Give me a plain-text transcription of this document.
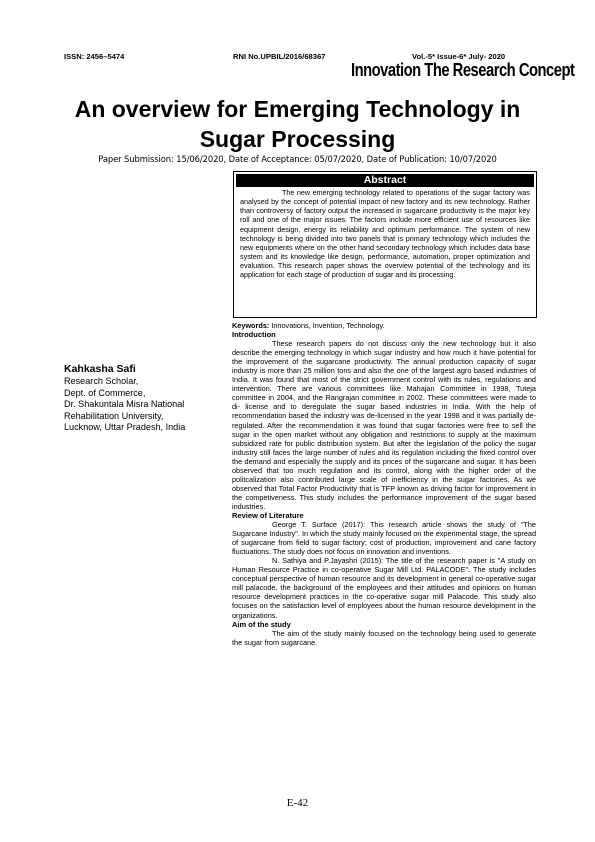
ISSN: 2456–5474	RNI No.UPBIL/2016/68367	Vol.-5* Issue-6* July- 2020
Innovation The Research Concept
An overview for Emerging Technology in Sugar Processing
Paper Submission: 15/06/2020, Date of Acceptance: 05/07/2020, Date of Publication: 10/07/2020
Abstract
The new emerging technology related to operations of the sugar factory was analysed by the concept of potential impact of new factory and its new technology. Rather than controversy of factory output the increased in sugarcane productivity is the major key roll and one of the major issues. The factors include more efficient use of resources like equipment design, energy its reliability and optimum performance. The system of new technology is being divided into two panels that is primary technology which includes the new equipments where on the other hand secondary technology which includes data base system and its knowledge like design, performance, automation, proper optimization and evaluation. This research paper shows the overview potential of the technology and its application for each stage of production of sugar and its processing.
Kahkasha Safi
Research Scholar,
Dept. of Commerce,
Dr. Shakuntala Misra National Rehabilitation University,
Lucknow, Uttar Pradesh, India

Keywords: Innovations, Invention, Technology.

Introduction

These research papers do not discuss only the new technology but it also describe the emerging technology in which sugar industry and how much it have potential for the improvement of the sugarcane productivity. The annual production capacity of sugar industry is more than 25 million tons and also the one of the largest agro based industries of India. It was found that most of the strict government control with its rules, regulations and intervention. There are various committees like Mahajan Committee in 1998, Tuteja committee in 2004, and the Rangrajan committee in 2002. These committees were made to di- license and to deregulate the sugar based industries in India. With the help of recommendation based the industry was de-licensed in the year 1998 and it was partially de-regulated. After the recommendation it was found that sugar factories were free to sell the sugar in the open market without any obligation and restrictions to supply at the maximum subsidized rate for public distribution system. But after the legislation of the policy the sugar industry still faces the large number of rules and its regulation including the fixed control over the demand and especially the supply and its prices of the sugarcane and sugar. It has been observed that too much regulation and its control, along with the higher order of the politcalization also contributed large scale of inefficiency in the sugar factories. As we observed that Total Factor Productivity that is TFP known as driving factor for improvement in the competiveness. This study includes the performance improvement of the sugar based industries.

Review of Literature

George T. Surface (2017): This research article shows the study of "The Sugarcane Industry". In which the study mainly focused on the experimental stage, the spread of sugarcane from field to sugar factory; cost of production, improvement and cane factory fluctuations. The study does not focus on innovation and inventions.

N. Sathiya and P.Jayashri (2015): The title of the research paper is "A study on Human Resource Practice in co-operative Sugar Mill Ltd. PALACODE". The study includes conceptual perspective of human resource and its development in general co-operative sugar mill palacode, the background of the employees and their attitudes and opinions on human resource development practices in the co-operative sugar mill Palacode. This study also focuses on the satisfaction level of employees about the human resource development in the organizations.

Aim of the study

The aim of the study mainly focused on the technology being used to generate the sugar from sugarcane.

E-42
